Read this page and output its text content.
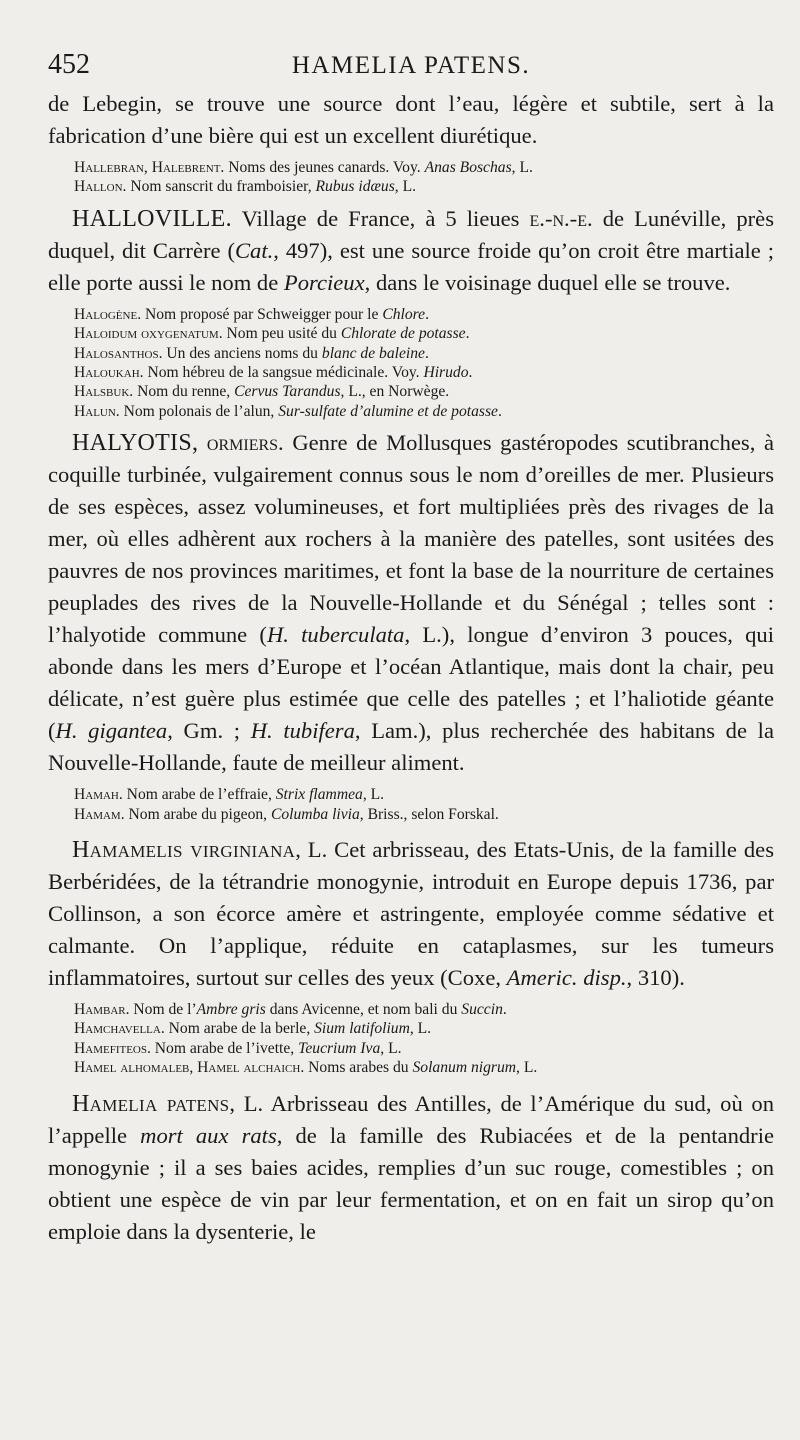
452	HAMELIA PATENS.

de Lebegin, se trouve une source dont l’eau, légère et subtile, sert à la fabrication d’une bière qui est un excellent diurétique.

Hallebran, Halebrent. Noms des jeunes canards. Voy. Anas Boschas, L.

Hallon. Nom sanscrit du framboisier, Rubus idæus, L.

HALLOVILLE. Village de France, à 5 lieues e.-n.-e. de Lunéville, près duquel, dit Carrère (Cat., 497), est une source froide qu’on croit être martiale ; elle porte aussi le nom de Porcieux, dans le voisinage duquel elle se trouve.

Halogène. Nom proposé par Schweigger pour le Chlore.

Haloidum oxygenatum. Nom peu usité du Chlorate de potasse.

Halosanthos. Un des anciens noms du blanc de baleine.

Haloukah. Nom hébreu de la sangsue médicinale. Voy. Hirudo.

Halsbuk. Nom du renne, Cervus Tarandus, L., en Norwège.

Halun. Nom polonais de l’alun, Sur-sulfate d’alumine et de potasse.

HALYOTIS, ormiers. Genre de Mollusques gastéropodes scutibranches, à coquille turbinée, vulgairement connus sous le nom d’oreilles de mer. Plusieurs de ses espèces, assez volumineuses, et fort multipliées près des rivages de la mer, où elles adhèrent aux rochers à la manière des patelles, sont usitées des pauvres de nos provinces maritimes, et font la base de la nourriture de certaines peuplades des rives de la Nouvelle-Hollande et du Sénégal ; telles sont : l’halyotide commune (H. tuberculata, L.), longue d’environ 3 pouces, qui abonde dans les mers d’Europe et l’océan Atlantique, mais dont la chair, peu délicate, n’est guère plus estimée que celle des patelles ; et l’haliotide géante (H. gigantea, Gm. ; H. tubifera, Lam.), plus recherchée des habitans de la Nouvelle-Hollande, faute de meilleur aliment.

Hamah. Nom arabe de l’effraie, Strix flammea, L.

Hamam. Nom arabe du pigeon, Columba livia, Briss., selon Forskal.

Hamamelis virginiana, L. Cet arbrisseau, des Etats-Unis, de la famille des Berbéridées, de la tétrandrie monogynie, introduit en Europe depuis 1736, par Collinson, a son écorce amère et astringente, employée comme sédative et calmante. On l’applique, réduite en cataplasmes, sur les tumeurs inflammatoires, surtout sur celles des yeux (Coxe, Americ. disp., 310).

Hambar. Nom de l’Ambre gris dans Avicenne, et nom bali du Succin.

Hamchavella. Nom arabe de la berle, Sium latifolium, L.

Hamefiteos. Nom arabe de l’ivette, Teucrium Iva, L.

Hamel alhomaleb, Hamel alchaich. Noms arabes du Solanum nigrum, L.

Hamelia patens, L. Arbrisseau des Antilles, de l’Amérique du sud, où on l’appelle mort aux rats, de la famille des Rubiacées et de la pentandrie monogynie ; il a ses baies acides, remplies d’un suc rouge, comestibles ; on obtient une espèce de vin par leur fermentation, et on en fait un sirop qu’on emploie dans la dysenterie, le
